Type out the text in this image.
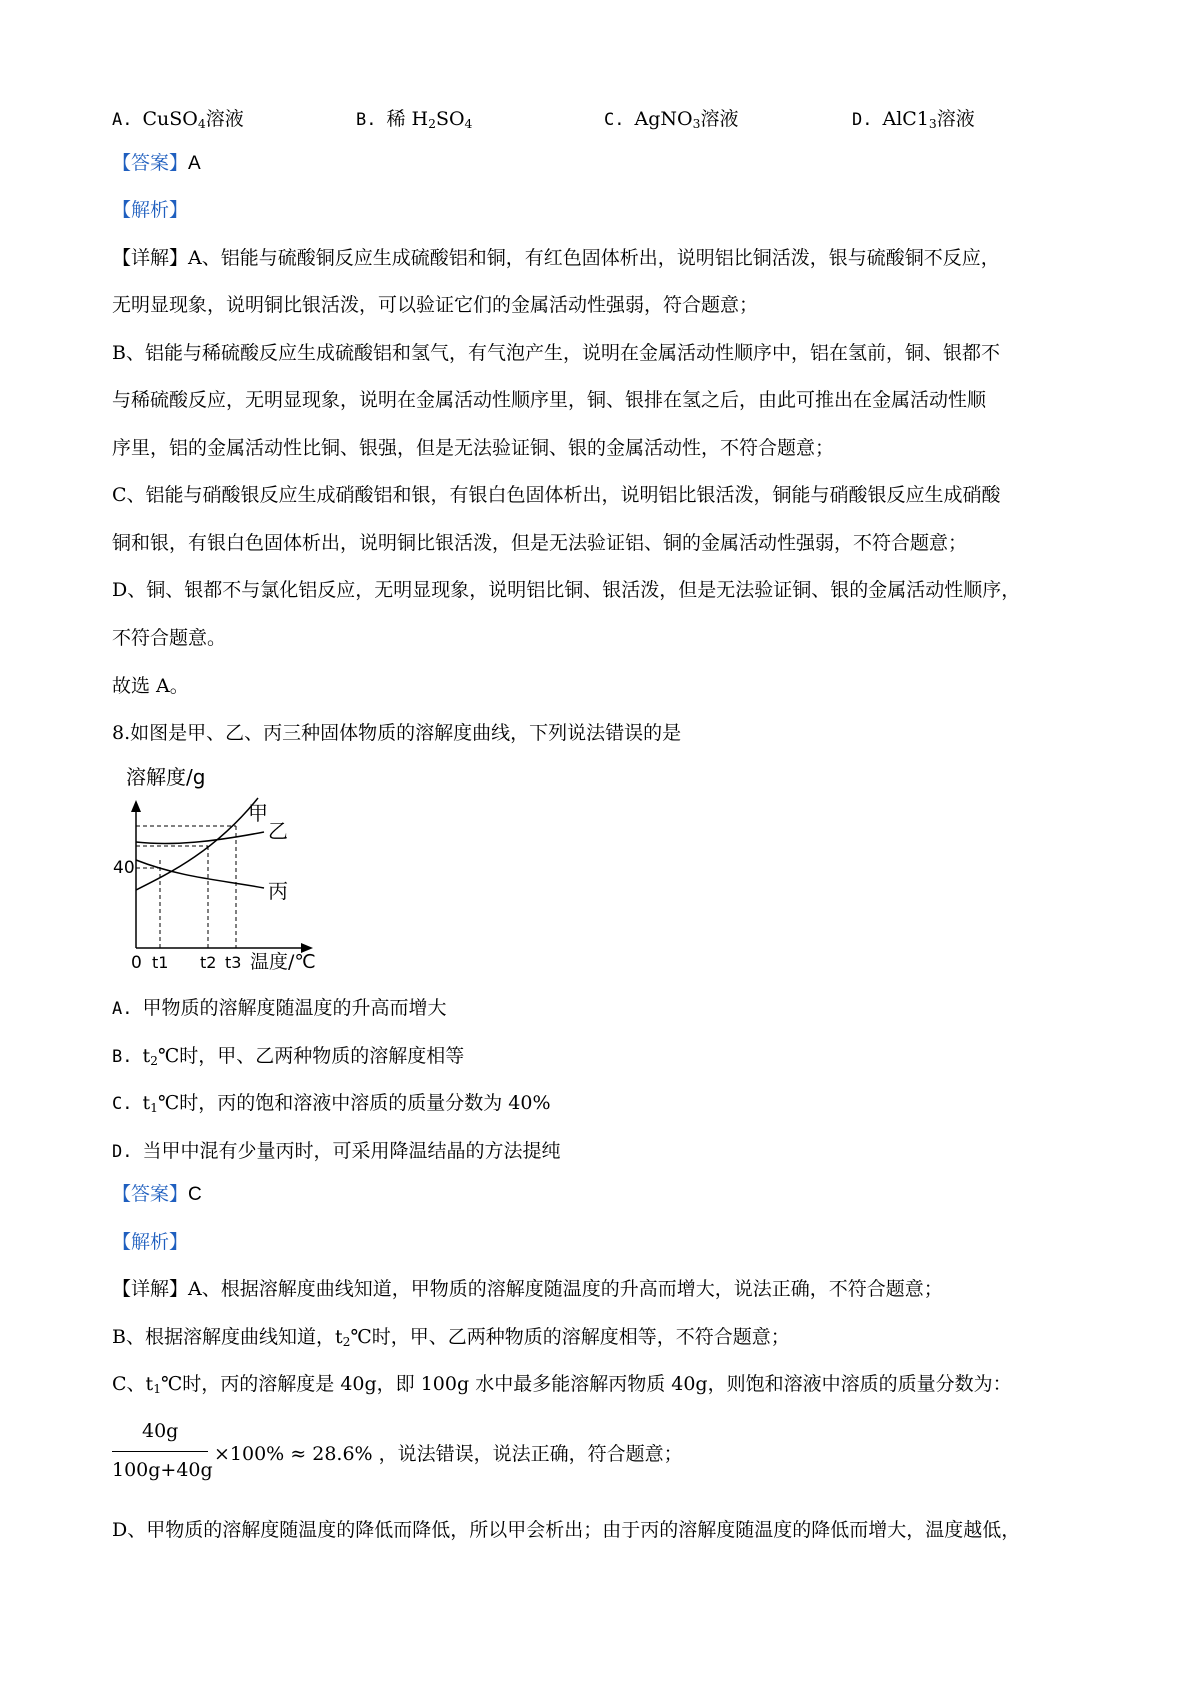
A. CuSO$_4$溶液	B. 稀 $H_2SO_4$	C. AgNO$_3$溶液	D. $AlC1_3$溶液
【答案】A
【解析】
【详解】A、铝能与硫酸铜反应生成硫酸铝和铜，有红色固体析出，说明铝比铜活泼，银与硫酸铜不反应，
无明显现象，说明铜比银活泼，可以验证它们的金属活动性强弱，符合题意；
B、铝能与稀硫酸反应生成硫酸铝和氢气，有气泡产生，说明在金属活动性顺序中，铝在氢前，铜、银都不
与稀硫酸反应，无明显现象，说明在金属活动性顺序里，铜、银排在氢之后，由此可推出在金属活动性顺
序里，铝的金属活动性比铜、银强，但是无法验证铜、银的金属活动性，不符合题意；
C、铝能与硝酸银反应生成硝酸铝和银，有银白色固体析出，说明铝比银活泼，铜能与硝酸银反应生成硝酸
铜和银，有银白色固体析出，说明铜比银活泼，但是无法验证铝、铜的金属活动性强弱，不符合题意；
D、铜、银都不与氯化铝反应，无明显现象，说明铝比铜、银活泼，但是无法验证铜、银的金属活动性顺序，
不符合题意。
故选 A。
8.如图是甲、乙、丙三种固体物质的溶解度曲线，下列说法错误的是
溶解度/g
甲
乙
丙
40
0 t1 t2 t3 温度/℃
A. 甲物质的溶解度随温度的升高而增大
B. $t_2℃$时，甲、乙两种物质的溶解度相等
C. $t_1℃$时，丙的饱和溶液中溶质的质量分数为 40%
D. 当甲中混有少量丙时，可采用降温结晶的方法提纯
【答案】C
【解析】
【详解】A、根据溶解度曲线知道，甲物质的溶解度随温度的升高而增大，说法正确，不符合题意；
B、根据溶解度曲线知道，$t_2℃$时，甲、乙两种物质的溶解度相等，不符合题意；
C、$t_1℃$时，丙的溶解度是 40g，即 100g 水中最多能溶解丙物质 40g，则饱和溶液中溶质的质量分数为：
40g
100g+40g
×100% ≈ 28.6% ，说法错误，说法正确，符合题意；
D、甲物质的溶解度随温度的降低而降低，所以甲会析出；由于丙的溶解度随温度的降低而增大，温度越低，
